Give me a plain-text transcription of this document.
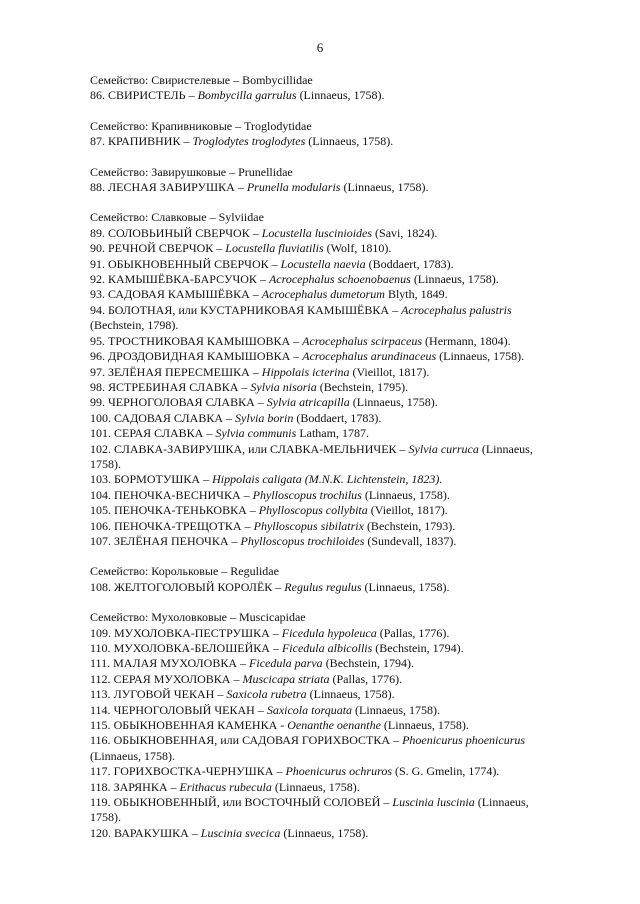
6
Семейство: Свиристелевые – Bombycillidae
86. СВИРИСТЕЛЬ – Bombycilla garrulus (Linnaeus, 1758).
Семейство: Крапивниковые – Troglodytidae
87. КРАПИВНИК – Troglodytes troglodytes (Linnaeus, 1758).
Семейство: Завирушковые – Prunellidae
88. ЛЕСНАЯ ЗАВИРУШКА – Prunella modularis (Linnaeus, 1758).
Семейство: Славковые – Sylviidae
89. СОЛОВЬИНЫЙ СВЕРЧОК – Locustella luscinioides (Savi, 1824).
90. РЕЧНОЙ СВЕРЧОК – Locustella fluviatilis (Wolf, 1810).
91. ОБЫКНОВЕННЫЙ СВЕРЧОК – Locustella naevia (Boddaert, 1783).
92. КАМЫШЁВКА-БАРСУЧОК – Acrocephalus schoenobaenus (Linnaeus, 1758).
93. САДОВАЯ КАМЫШЁВКА – Acrocephalus dumetorum Blyth, 1849.
94. БОЛОТНАЯ, или КУСТАРНИКОВАЯ КАМЫШЁВКА – Acrocephalus palustris (Bechstein, 1798).
95. ТРОСТНИКОВАЯ КАМЫШОВКА – Acrocephalus scirpaceus (Hermann, 1804).
96. ДРОЗДОВИДНАЯ КАМЫШОВКА – Acrocephalus arundinaceus (Linnaeus, 1758).
97. ЗЕЛЁНАЯ ПЕРЕСМЕШКА – Hippolais icterina (Vieillot, 1817).
98. ЯСТРЕБИНАЯ СЛАВКА – Sylvia nisoria (Bechstein, 1795).
99. ЧЕРНОГОЛОВАЯ СЛАВКА – Sylvia atricapilla (Linnaeus, 1758).
100. САДОВАЯ СЛАВКА – Sylvia borin (Boddaert, 1783).
101. СЕРАЯ СЛАВКА – Sylvia communis Latham, 1787.
102. СЛАВКА-ЗАВИРУШКА, или СЛАВКА-МЕЛЬНИЧЕК – Sylvia curruca (Linnaeus, 1758).
103. БОРМОТУШКА – Hippolais caligata (M.N.K. Lichtenstein, 1823).
104. ПЕНОЧКА-ВЕСНИЧКА – Phylloscopus trochilus (Linnaeus, 1758).
105. ПЕНОЧКА-ТЕНЬКОВКА – Phylloscopus collybita (Vieillot, 1817).
106. ПЕНОЧКА-ТРЕЩОТКА – Phylloscopus sibilatrix (Bechstein, 1793).
107. ЗЕЛЁНАЯ ПЕНОЧКА – Phylloscopus trochiloides (Sundevall, 1837).
Семейство: Корольковые – Regulidae
108. ЖЕЛТОГОЛОВЫЙ КОРОЛЁК – Regulus regulus (Linnaeus, 1758).
Семейство: Мухоловковые – Muscicapidae
109. МУХОЛОВКА-ПЕСТРУШКА – Ficedula hypoleuca (Pallas, 1776).
110. МУХОЛОВКА-БЕЛОШЕЙКА – Ficedula albicollis (Bechstein, 1794).
111. МАЛАЯ МУХОЛОВКА – Ficedula parva (Bechstein, 1794).
112. СЕРАЯ МУХОЛОВКА – Muscicapa striata (Pallas, 1776).
113. ЛУГОВОЙ ЧЕКАН – Saxicola rubetra (Linnaeus, 1758).
114. ЧЕРНОГОЛОВЫЙ ЧЕКАН – Saxicola torquata (Linnaeus, 1758).
115. ОБЫКНОВЕННАЯ КАМЕНКА - Oenanthe oenanthe (Linnaeus, 1758).
116. ОБЫКНОВЕННАЯ, или САДОВАЯ ГОРИХВОСТКА – Phoenicurus phoenicurus (Linnaeus, 1758).
117. ГОРИХВОСТКА-ЧЕРНУШКА – Phoenicurus ochruros (S. G. Gmelin, 1774).
118. ЗАРЯНКА – Erithacus rubecula (Linnaeus, 1758).
119. ОБЫКНОВЕННЫЙ, или ВОСТОЧНЫЙ СОЛОВЕЙ – Luscinia luscinia (Linnaeus, 1758).
120. ВАРАКУШКА – Luscinia svecica (Linnaeus, 1758).
